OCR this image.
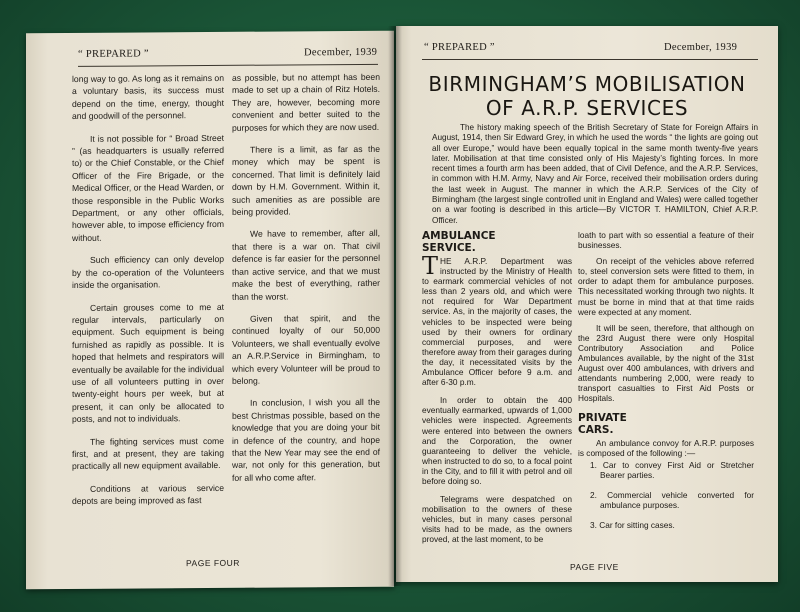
“ PREPARED ”	December, 1939

long way to go. As long as it remains on a voluntary basis, its success must depend on the time, energy, thought and goodwill of the personnel.

It is not possible for “ Broad Street ” (as headquarters is usually referred to) or the Chief Constable, or the Chief Officer of the Fire Brigade, or the Medical Officer, or the Head Warden, or those responsible in the Public Works Department, or any other officials, however able, to impose efficiency from without.

Such efficiency can only develop by the co-operation of the Volunteers inside the organisation.

Certain grouses come to me at regular intervals, particularly on equipment. Such equipment is being furnished as rapidly as possible. It is hoped that helmets and respirators will eventually be available for the individual use of all volunteers putting in over twenty-eight hours per week, but at present, it can only be allocated to posts, and not to individuals.

The fighting services must come first, and at present, they are taking practically all new equipment available.

Conditions at various service depots are being improved as fast

as possible, but no attempt has been made to set up a chain of Ritz Hotels. They are, however, becoming more convenient and better suited to the purposes for which they are now used.

There is a limit, as far as the money which may be spent is concerned. That limit is definitely laid down by H.M. Government. Within it, such amenities as are possible are being provided.

We have to remember, after all, that there is a war on. That civil defence is far easier for the personnel than active service, and that we must make the best of everything, rather than the worst.

Given that spirit, and the continued loyalty of our 50,000 Volunteers, we shall eventually evolve an A.R.P.Service in Birmingham, to which every Volunteer will be proud to belong.

In conclusion, I wish you all the best Christmas possible, based on the knowledge that you are doing your bit in defence of the country, and hope that the New Year may see the end of war, not only for this generation, but for all who come after.

PAGE FOUR
“ PREPARED ”	December, 1939
BIRMINGHAM’S MOBILISATION
OF A.R.P. SERVICES
The history making speech of the British Secretary of State for Foreign Affairs in August, 1914, then Sir Edward Grey, in which he used the words “ the lights are going out all over Europe,” would have been equally topical in the same month twenty-five years later. Mobilisation at that time consisted only of His Majesty’s fighting forces. In more recent times a fourth arm has been added, that of Civil Defence, and the A.R.P. Services, in common with H.M. Army, Navy and Air Force, received their mobilisation orders during the last week in August. The manner in which the A.R.P. Services of the City of Birmingham (the largest single controlled unit in England and Wales) were called together on a war footing is described in this article—By VICTOR T. HAMILTON, Chief A.R.P. Officer.
AMBULANCE
SERVICE.

THE A.R.P. Department was instructed by the Ministry of Health to earmark commercial vehicles of not less than 2 years old, and which were not required for War Department service. As, in the majority of cases, the vehicles to be inspected were being used by their owners for ordinary commercial purposes, and were therefore away from their garages during the day, it necessitated visits by the Ambulance Officer before 9 a.m. and after 6-30 p.m.

In order to obtain the 400 eventually earmarked, upwards of 1,000 vehicles were inspected. Agreements were entered into between the owners and the Corporation, the owner guaranteeing to deliver the vehicle, when instructed to do so, to a focal point in the City, and to fill it with petrol and oil before doing so.

Telegrams were despatched on mobilisation to the owners of these vehicles, but in many cases personal visits had to be made, as the owners proved, at the last moment, to be

loath to part with so essential a feature of their businesses.

On receipt of the vehicles above referred to, steel conversion sets were fitted to them, in order to adapt them for ambulance purposes. This necessitated working through two nights. It must be borne in mind that at that time raids were expected at any moment.

It will be seen, therefore, that although on the 23rd August there were only Hospital Contributory Association and Police Ambulances available, by the night of the 31st August over 400 ambulances, with drivers and attendants numbering 2,000, were ready to transport casualties to First Aid Posts or Hospitals.

PRIVATE
CARS.

An ambulance convoy for A.R.P. purposes is composed of the following :—

1. Car to convey First Aid or Stretcher Bearer parties.

2. Commercial vehicle converted for ambulance purposes.

3. Car for sitting cases.

PAGE FIVE
